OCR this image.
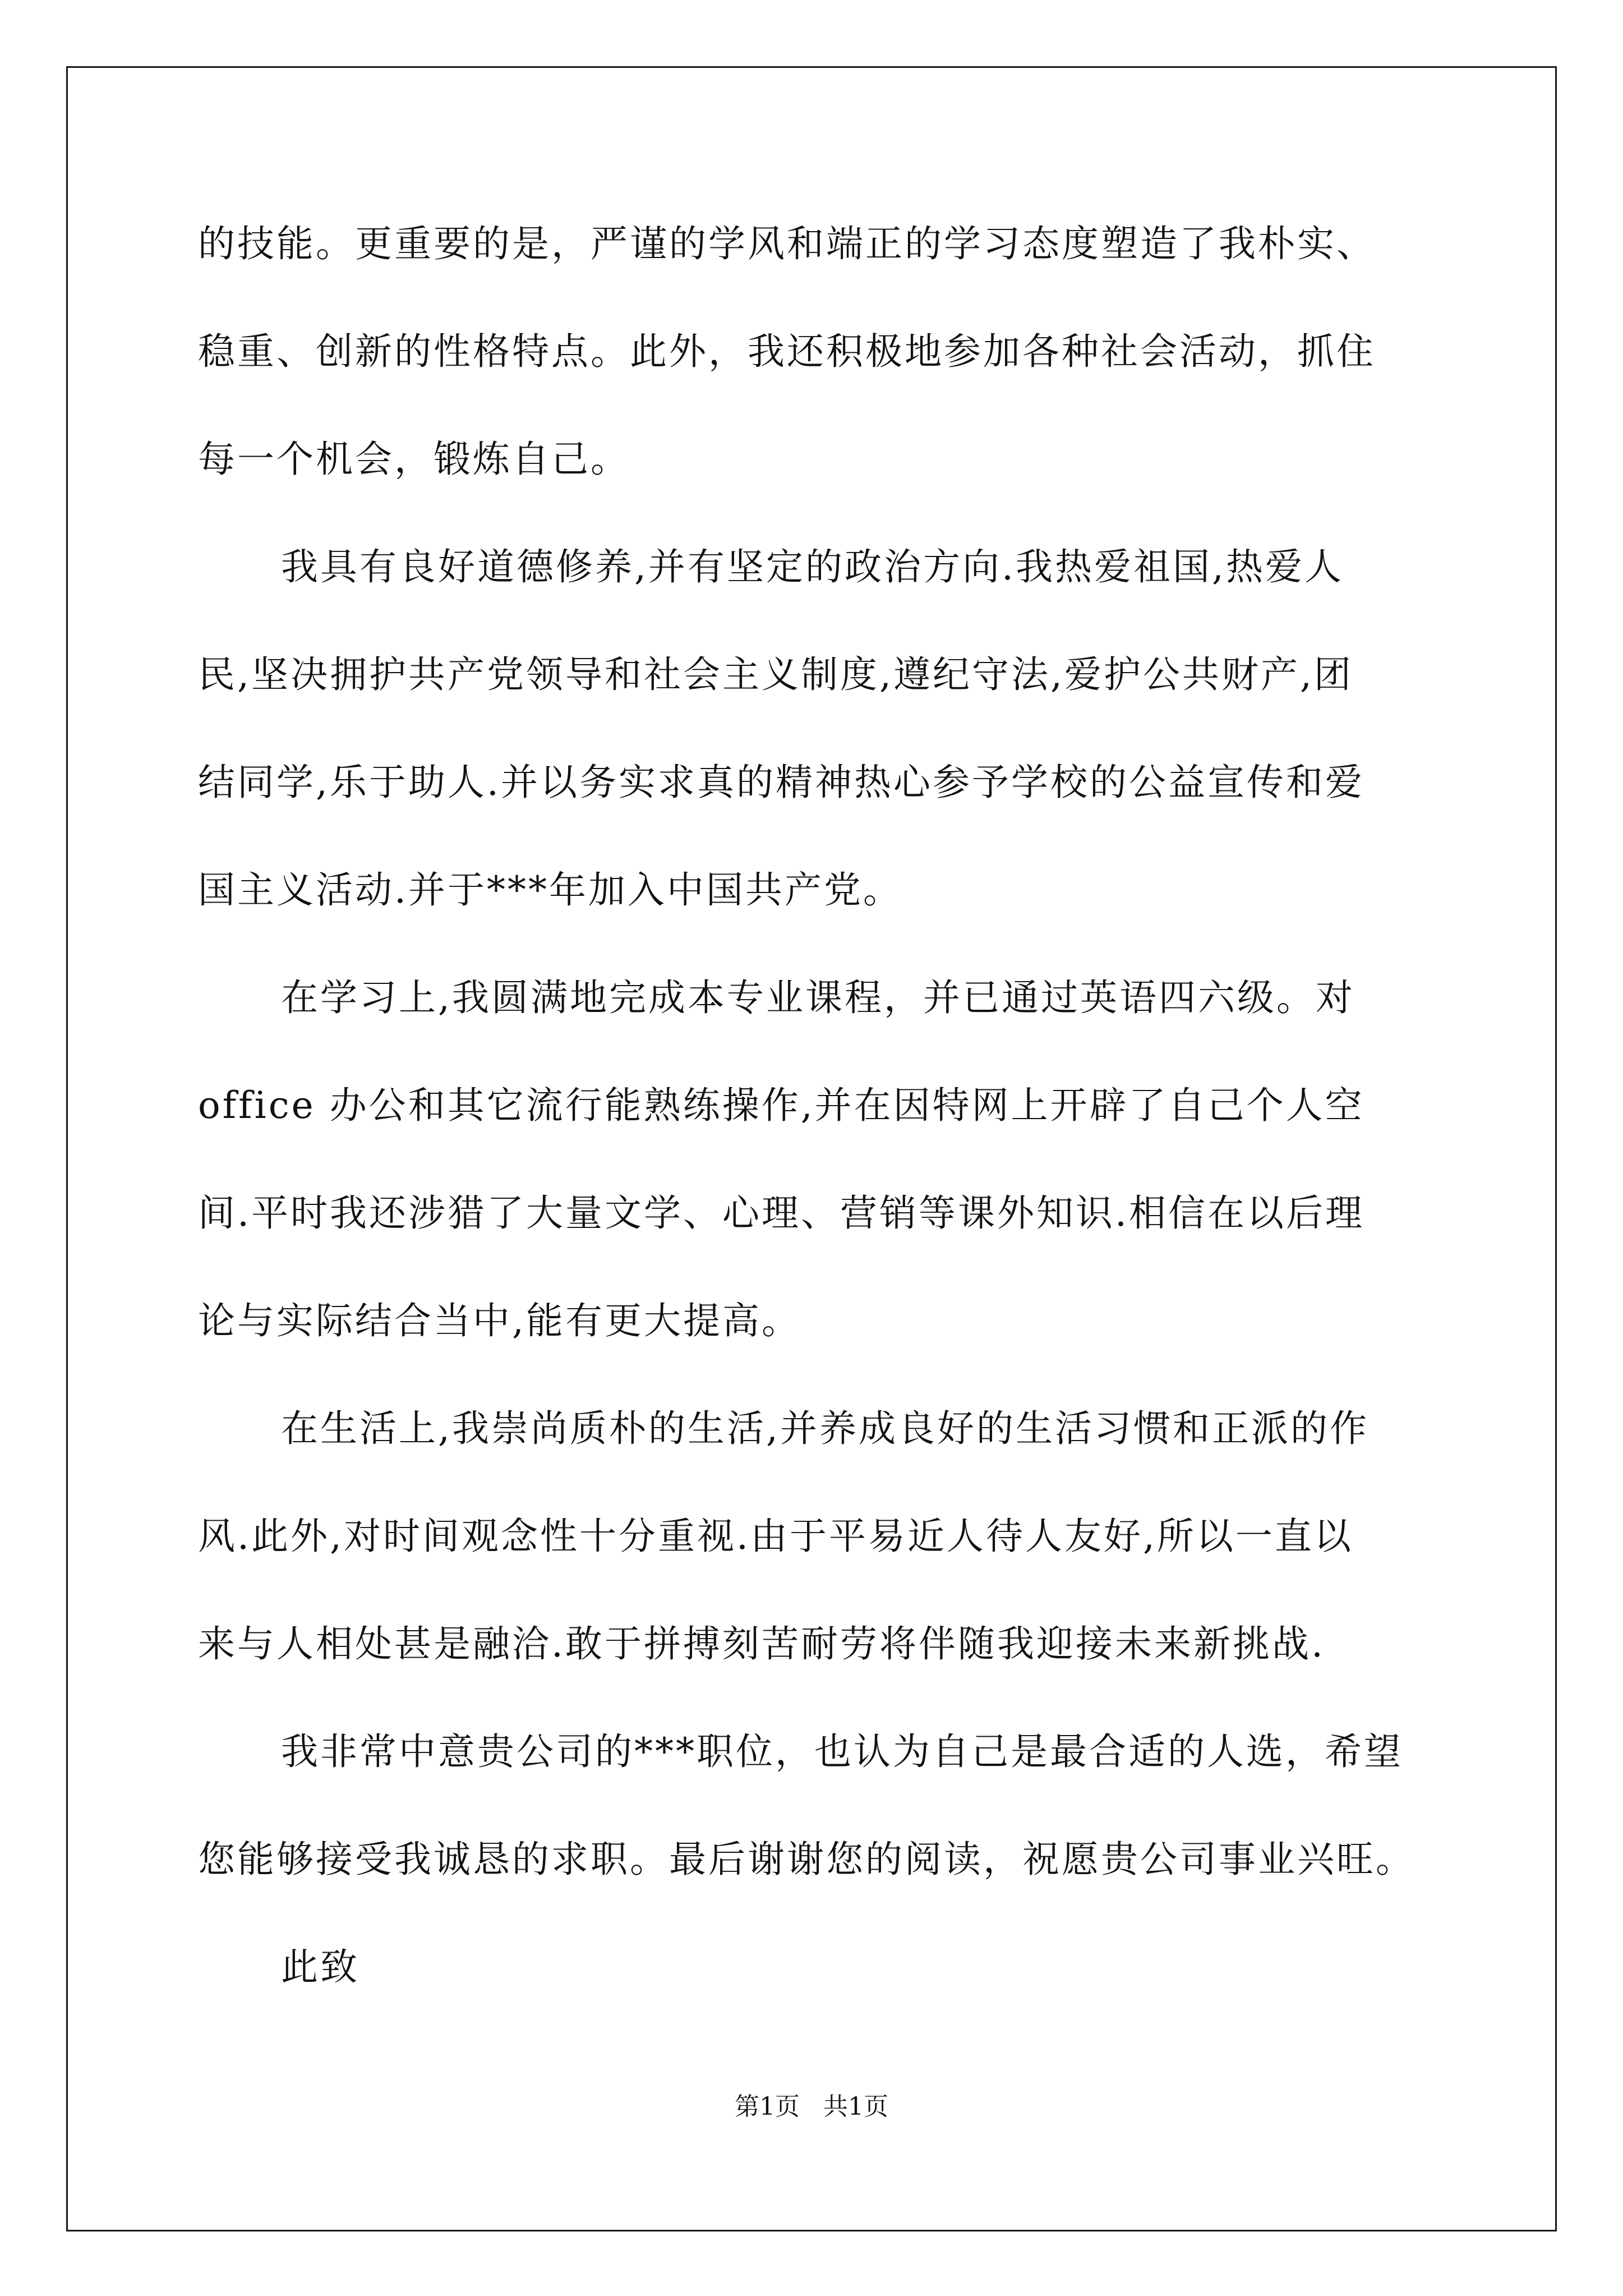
的技能。更重要的是，严谨的学风和端正的学习态度塑造了我朴实、
稳重、创新的性格特点。此外，我还积极地参加各种社会活动，抓住
每一个机会，锻炼自己。
我具有良好道德修养,并有坚定的政治方向.我热爱祖国,热爱人
民,坚决拥护共产党领导和社会主义制度,遵纪守法,爱护公共财产,团
结同学,乐于助人.并以务实求真的精神热心参予学校的公益宣传和爱
国主义活动.并于***年加入中国共产党。
在学习上,我圆满地完成本专业课程，并已通过英语四六级。对
office 办公和其它流行能熟练操作,并在因特网上开辟了自己个人空
间.平时我还涉猎了大量文学、心理、营销等课外知识.相信在以后理
论与实际结合当中,能有更大提高。
在生活上,我崇尚质朴的生活,并养成良好的生活习惯和正派的作
风.此外,对时间观念性十分重视.由于平易近人待人友好,所以一直以
来与人相处甚是融洽.敢于拼搏刻苦耐劳将伴随我迎接未来新挑战.
我非常中意贵公司的***职位，也认为自己是最合适的人选，希望
您能够接受我诚恳的求职。最后谢谢您的阅读，祝愿贵公司事业兴旺。
此致
第1页   共1页
